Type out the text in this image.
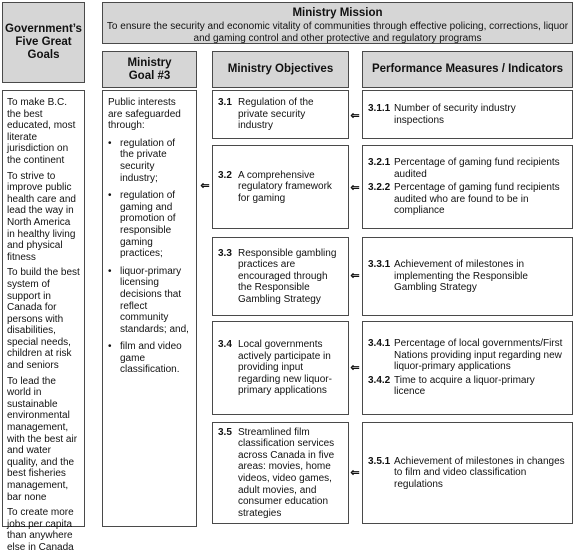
Government’s Five Great Goals

To make B.C. the best educated, most literate jurisdiction on the continent

To strive to improve public health care and lead the way in North America in healthy living and physical fitness

To build the best system of support in Canada for persons with disabilities, special needs, children at risk and seniors

To lead the world in sustainable environmental management, with the best air and water quality, and the best fisheries management, bar none

To create more jobs per capita than anywhere else in Canada

Ministry Mission
To ensure the security and economic vitality of communities through effective policing, corrections, liquor and gaming control and other protective and regulatory programs
Ministry Goal #3
Ministry Objectives	Performance Measures / Indicators

Public interests are safeguarded through:

• regulation of the private security industry;
• regulation of gaming and promotion of responsible gaming practices;
• liquor-primary licensing decisions that reflect community standards; and,
• film and video game classification.
3.1 Regulation of the private security industry
3.2 A comprehensive regulatory framework for gaming
3.3 Responsible gambling practices are encouraged through the Responsible Gambling Strategy
3.4 Local governments actively participate in providing input regarding new liquor-primary applications
3.5 Streamlined film classification services across Canada in five areas: movies, home videos, video games, adult movies, and consumer education strategies
3.1.1 Number of security industry inspections
3.2.1 Percentage of gaming fund recipients audited
3.2.2 Percentage of gaming fund recipients audited who are found to be in compliance
3.3.1 Achievement of milestones in implementing the Responsible Gambling Strategy
3.4.1 Percentage of local governments/First Nations providing input regarding new liquor-primary applications
3.4.2 Time to acquire a liquor-primary licence
3.5.1 Achievement of milestones in changes to film and video classification regulations
⇐
⇐
⇐
⇐
⇐
⇐
